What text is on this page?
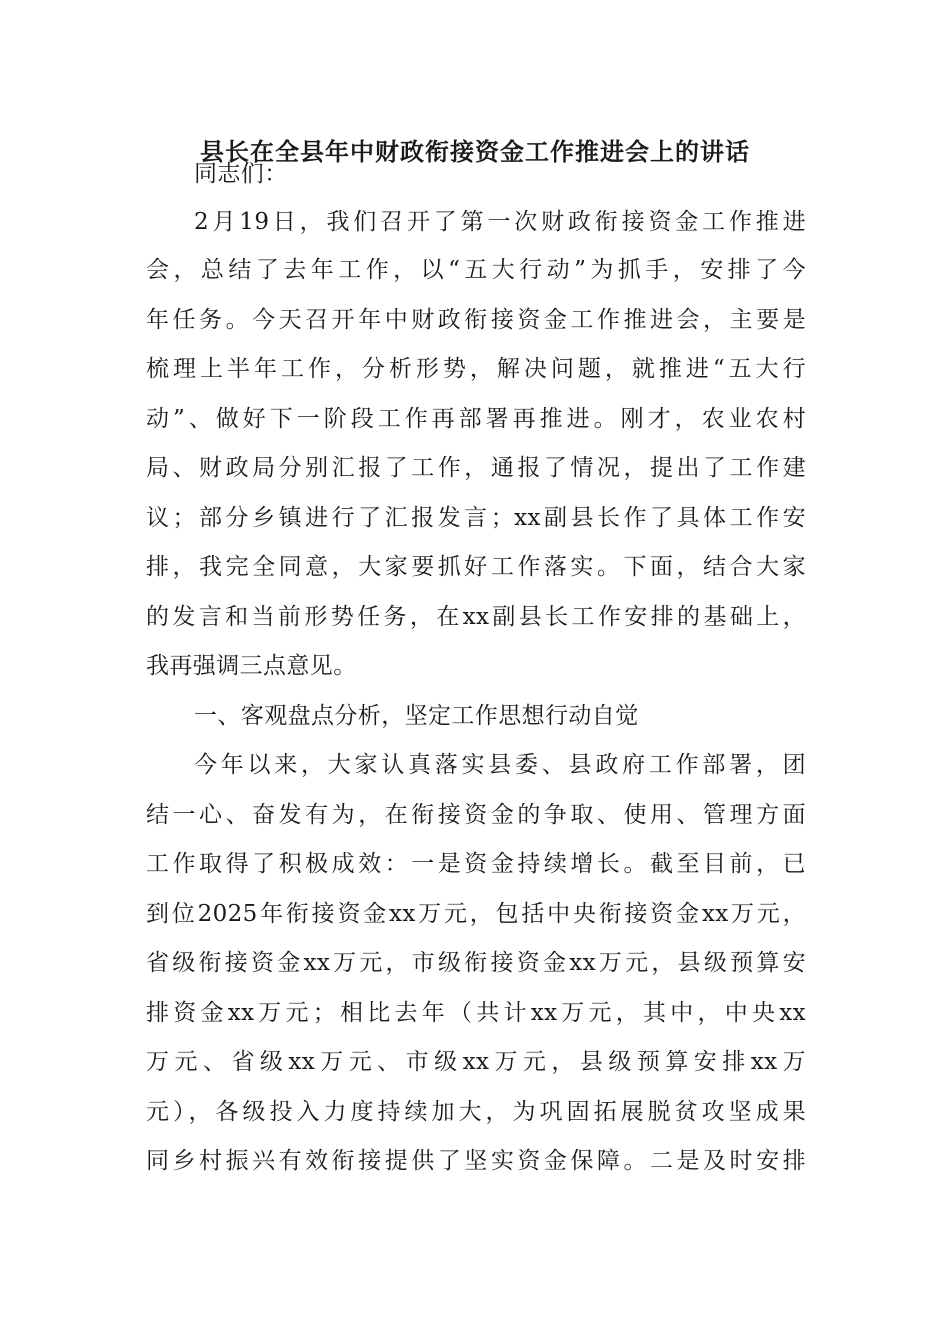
县长在全县年中财政衔接资金工作推进会上的讲话
同志们：
2月19日，我们召开了第一次财政衔接资金工作推进
会，总结了去年工作，以“五大行动”为抓手，安排了今
年任务。今天召开年中财政衔接资金工作推进会，主要是
梳理上半年工作，分析形势，解决问题，就推进“五大行
动”、做好下一阶段工作再部署再推进。刚才，农业农村
局、财政局分别汇报了工作，通报了情况，提出了工作建
议；部分乡镇进行了汇报发言；xx副县长作了具体工作安
排，我完全同意，大家要抓好工作落实。下面，结合大家
的发言和当前形势任务，在xx副县长工作安排的基础上，
我再强调三点意见。
一、客观盘点分析，坚定工作思想行动自觉
今年以来，大家认真落实县委、县政府工作部署，团
结一心、奋发有为，在衔接资金的争取、使用、管理方面
工作取得了积极成效：一是资金持续增长。截至目前，已
到位2025年衔接资金xx万元，包括中央衔接资金xx万元，
省级衔接资金xx万元，市级衔接资金xx万元，县级预算安
排资金xx万元；相比去年（共计xx万元，其中，中央xx
万元、省级xx万元、市级xx万元，县级预算安排xx万
元），各级投入力度持续加大，为巩固拓展脱贫攻坚成果
同乡村振兴有效衔接提供了坚实资金保障。二是及时安排
